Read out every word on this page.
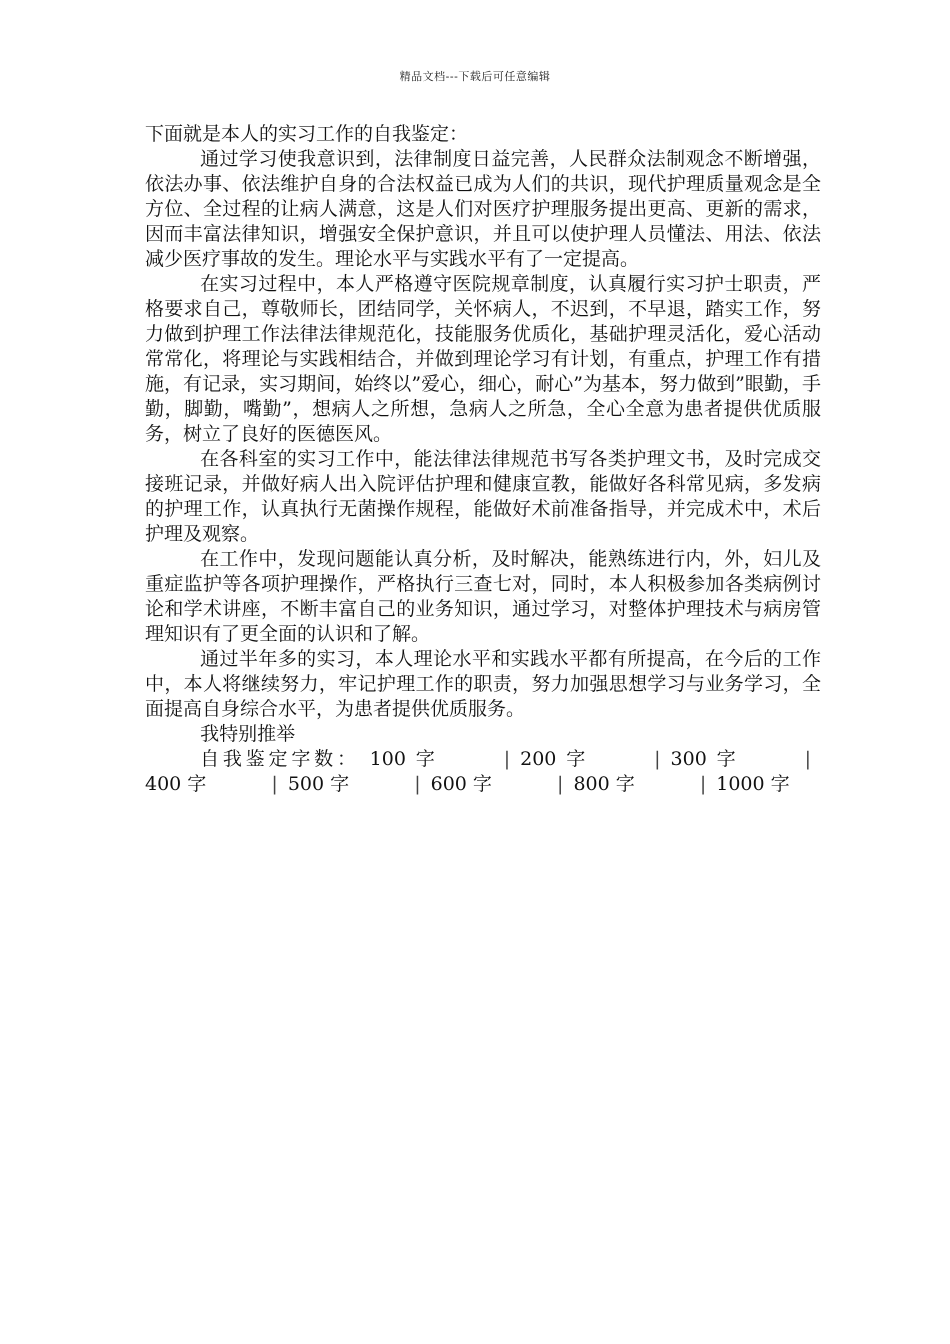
精品文档---下载后可任意编辑

下面就是本人的实习工作的自我鉴定：

通过学习使我意识到，法律制度日益完善，人民群众法制观念不断增强，依法办事、依法维护自身的合法权益已成为人们的共识，现代护理质量观念是全方位、全过程的让病人满意，这是人们对医疗护理服务提出更高、更新的需求，因而丰富法律知识，增强安全保护意识，并且可以使护理人员懂法、用法、依法减少医疗事故的发生。理论水平与实践水平有了一定提高。

在实习过程中，本人严格遵守医院规章制度，认真履行实习护士职责，严格要求自己，尊敬师长，团结同学，关怀病人，不迟到，不早退，踏实工作，努力做到护理工作法律法律规范化，技能服务优质化，基础护理灵活化，爱心活动常常化，将理论与实践相结合，并做到理论学习有计划，有重点，护理工作有措施，有记录，实习期间，始终以”爱心，细心，耐心”为基本，努力做到”眼勤，手勤，脚勤，嘴勤”，想病人之所想，急病人之所急，全心全意为患者提供优质服务，树立了良好的医德医风。

在各科室的实习工作中，能法律法律规范书写各类护理文书，及时完成交接班记录，并做好病人出入院评估护理和健康宣教，能做好各科常见病，多发病的护理工作，认真执行无菌操作规程，能做好术前准备指导，并完成术中，术后护理及观察。

在工作中，发现问题能认真分析，及时解决，能熟练进行内，外，妇儿及重症监护等各项护理操作，严格执行三查七对，同时，本人积极参加各类病例讨论和学术讲座，不断丰富自己的业务知识，通过学习，对整体护理技术与病房管理知识有了更全面的认识和了解。

通过半年多的实习，本人理论水平和实践水平都有所提高，在今后的工作中，本人将继续努力，牢记护理工作的职责，努力加强思想学习与业务学习，全面提高自身综合水平，为患者提供优质服务。

我特别推举

自我鉴定字数： 100 字	| 200 字	| 300 字	|400 字	| 500 字	| 600 字	| 800 字	| 1000 字
